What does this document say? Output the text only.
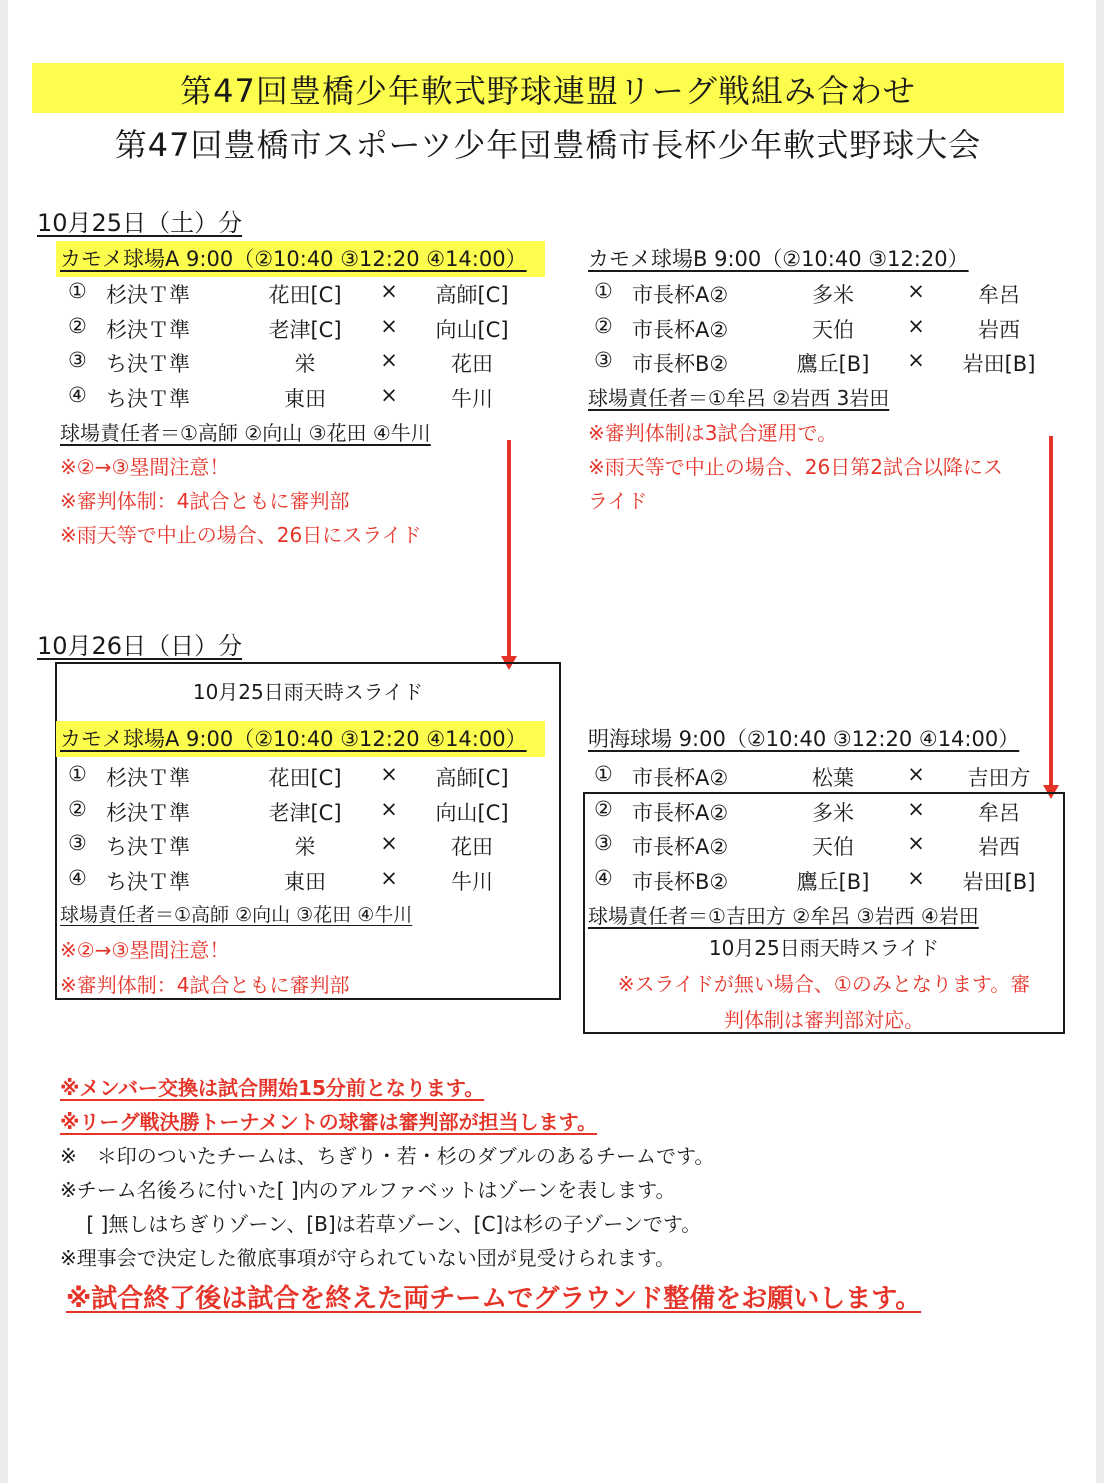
第47回豊橋少年軟式野球連盟リーグ戦組み合わせ
第47回豊橋市スポーツ少年団豊橋市長杯少年軟式野球大会
10月25日（土）分
カモメ球場A 9:00（②10:40 ③12:20 ④14:00）
① 杉決Ｔ準	花田[C]	×	高師[C]
② 杉決Ｔ準	老津[C]	×	向山[C]
③ ち決Ｔ準	栄	×	花田
④ ち決Ｔ準	東田	×	牛川
球場責任者＝①高師 ②向山 ③花田 ④牛川
※②→③塁間注意！
※審判体制：4試合ともに審判部
※雨天等で中止の場合、26日にスライド
カモメ球場B 9:00（②10:40 ③12:20）
① 市長杯A②	多米	×	牟呂
② 市長杯A②	天伯	×	岩西
③ 市長杯B②	鷹丘[B]	×	岩田[B]
球場責任者＝①牟呂 ②岩西 3岩田
※審判体制は3試合運用で。
※雨天等で中止の場合、26日第2試合以降にス
ライド
10月26日（日）分
10月25日雨天時スライド
カモメ球場A 9:00（②10:40 ③12:20 ④14:00）
① 杉決Ｔ準	花田[C]	×	高師[C]
② 杉決Ｔ準	老津[C]	×	向山[C]
③ ち決Ｔ準	栄	×	花田
④ ち決Ｔ準	東田	×	牛川
球場責任者＝①高師 ②向山 ③花田 ④牛川
※②→③塁間注意！
※審判体制：4試合ともに審判部
明海球場 9:00（②10:40 ③12:20 ④14:00）
① 市長杯A②	松葉	×	吉田方
② 市長杯A②	多米	×	牟呂
③ 市長杯A②	天伯	×	岩西
④ 市長杯B②	鷹丘[B]	×	岩田[B]
球場責任者＝①吉田方 ②牟呂 ③岩西 ④岩田
10月25日雨天時スライド
※スライドが無い場合、①のみとなります。審
判体制は審判部対応。
※メンバー交換は試合開始15分前となります。
※リーグ戦決勝トーナメントの球審は審判部が担当します。
※　＊印のついたチームは、ちぎり・若・杉のダブルのあるチームです。
※チーム名後ろに付いた[ ]内のアルファベットはゾーンを表します。
　 [ ]無しはちぎりゾーン、[B]は若草ゾーン、[C]は杉の子ゾーンです。
※理事会で決定した徹底事項が守られていない団が見受けられます。
※試合終了後は試合を終えた両チームでグラウンド整備をお願いします。
